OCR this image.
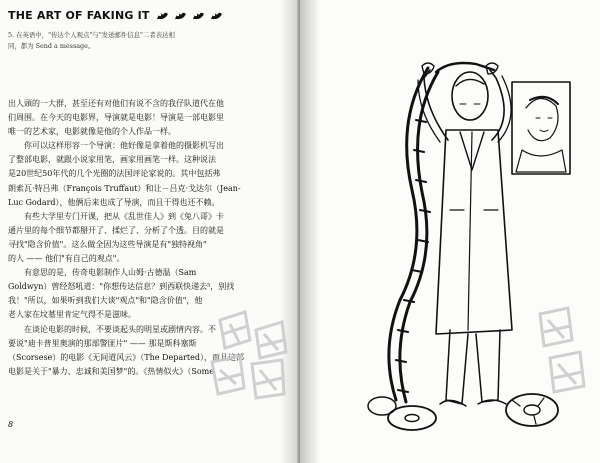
THE ART OF FAKING IT
5. 在英语中，"传达个人观点"与"发送邮件信息"二者表达相
同，都为 Send a message。
出人頭的一大群，甚至还有对他们有说不含的我仔队道代在他
们周围。在今天的电影界，导演就是电影！导演是一部电影里
唯一的艺术家，电影就像是他的个人作品一样。
你可以这样形容一个导演：他好像是拿着他的摄影机写出
了整部电影，就跟小说家用笔，画家用画笔一样。这种说法
是20世纪50年代的几个光圈的法国评论家说的。其中包括弗
朗索瓦·特吕弗（François Truffaut）和让－吕克·戈达尔（Jean-
Luc Godard），他俩后来也成了导演，而且干得也还不赖。
有些大学里专门开课，把从《乱世佳人》到《兔八哥》卡
通片里的每个细节都掰开了、揉烂了、分析了个透。目的就是
寻找"隐含价值"。这么做全因为这些导演是有"独特视角"
的人 —— 他们"有自己的观点"。
有意思的是，传奇电影制作人山姆·古德温（Sam
Goldwyn）曾经怒吼道："你想传达信息？到西联快递去⁵，别找
我！"所以，如果听到我们大谈"观点"和"隐含价值"，他
老人家在坟墓里肯定气得不是滋味。
在谈论电影的时候，不要谈起头的明星或剧情内容。不
要说"迪卡普里奥演的那部警匪片" —— 那是斯科塞斯
（Scorsese）的电影《无间道风云》（The Departed），而且这部
电影是关于"暴力、忠诚和美国梦"的。《热情似火》（Some
8
